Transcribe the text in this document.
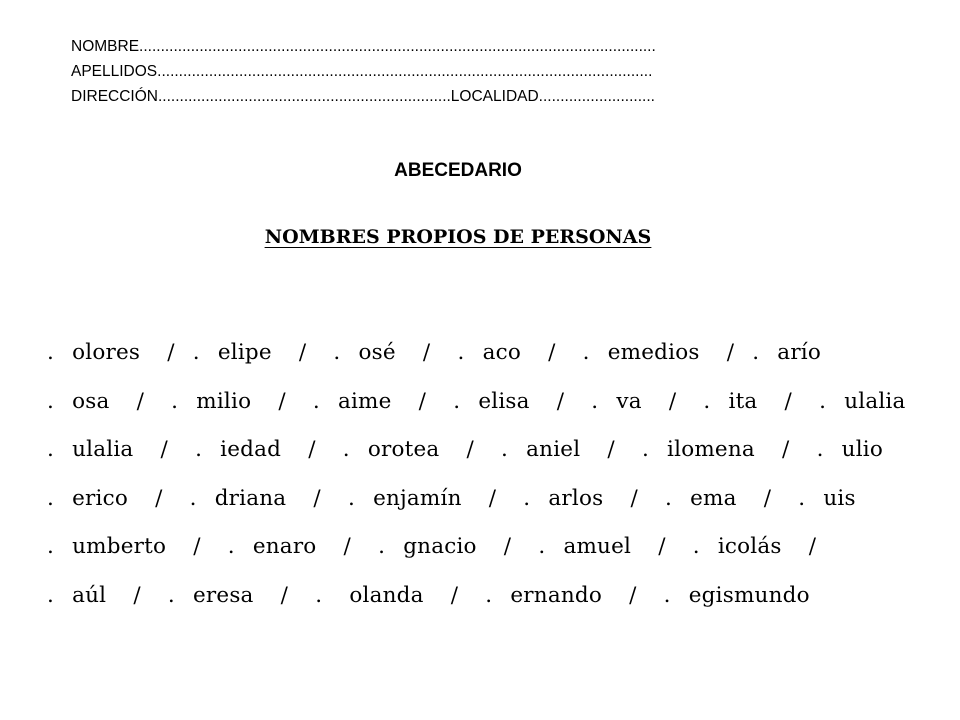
NOMBRE........................................................................................................................
APELLIDOS...................................................................................................................
DIRECCIÓN....................................................................LOCALIDAD...........................
ABECEDARIO
NOMBRES PROPIOS DE PERSONAS
.  olores   /  .  elipe   /   .  osé   /   .  aco   /   .  emedios   /  .  arío
.  osa   /   .  milio   /   .  aime   /   .  elisa   /   .  va   /   .  ita   /   .  ulalia
.  ulalia   /   .  iedad   /   .  orotea   /   .  aniel   /   .  ilomena   /   .  ulio
.  erico   /   .  driana   /   .  enjamín   /   .  arlos   /   .  ema   /   .  uis
.  umberto   /   .  enaro   /   .  gnacio   /   .  amuel   /   .  icolás   /
.  aúl   /   .  eresa   /   .   olanda   /   .  ernando   /   .  egismundo
